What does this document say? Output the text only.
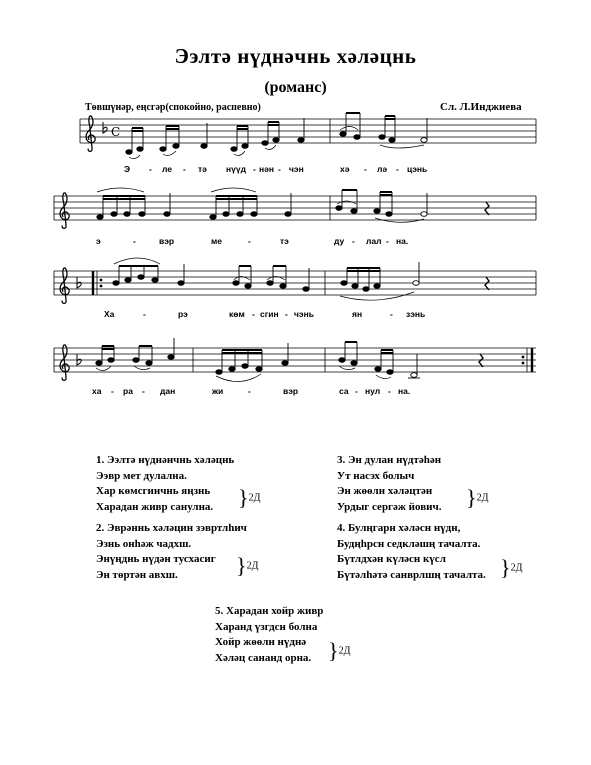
Ээлтә нүднәчнь хәләцнь
(романс)
Төвшүнәр, еңсгәр(спокойно, распевно)	Сл. Л.Инджиева
C
Э - ле - тә нүүд - нән - чэн	хә - лә - цэнь
э	-	вэр	ме	-	тэ	ду - лал - на.
Ха	-	рэ	көм - сгин - чэнь	ян	- зэнь
ха - ра - дан	жи	-	вэр	са - нул - на.
1. Ээлтә нүднәнчнь хәләцнь
Ээвр мет дулална.
Хар көмсгинчнь яңзнь
Харадан живр санулна.	}2Д
2. Эврәннь хәләцин зэвртлһич
Эзнь онһәж чадхш.
Энүңднь нүдән тусхасиг
Эн төртән авхш.	}2Д
3. Эн дулан нүдтәһән
Ут насэх болыч
Эн жөөлн хәләцтән
Урдыг сергәж йович. }2Д
4. Булңгарн хәләсн нүдн,
Будңһрсн седкләшң тачалта.
Бүтлдхән күләсн күсл
Бүтәлһәтә санврлшң тачалта. }2Д
5. Харадан хойр живр
Харанд үзгдсн болна
Хойр жөөлн нүднә
Хәләц сананд орна. }2Д
